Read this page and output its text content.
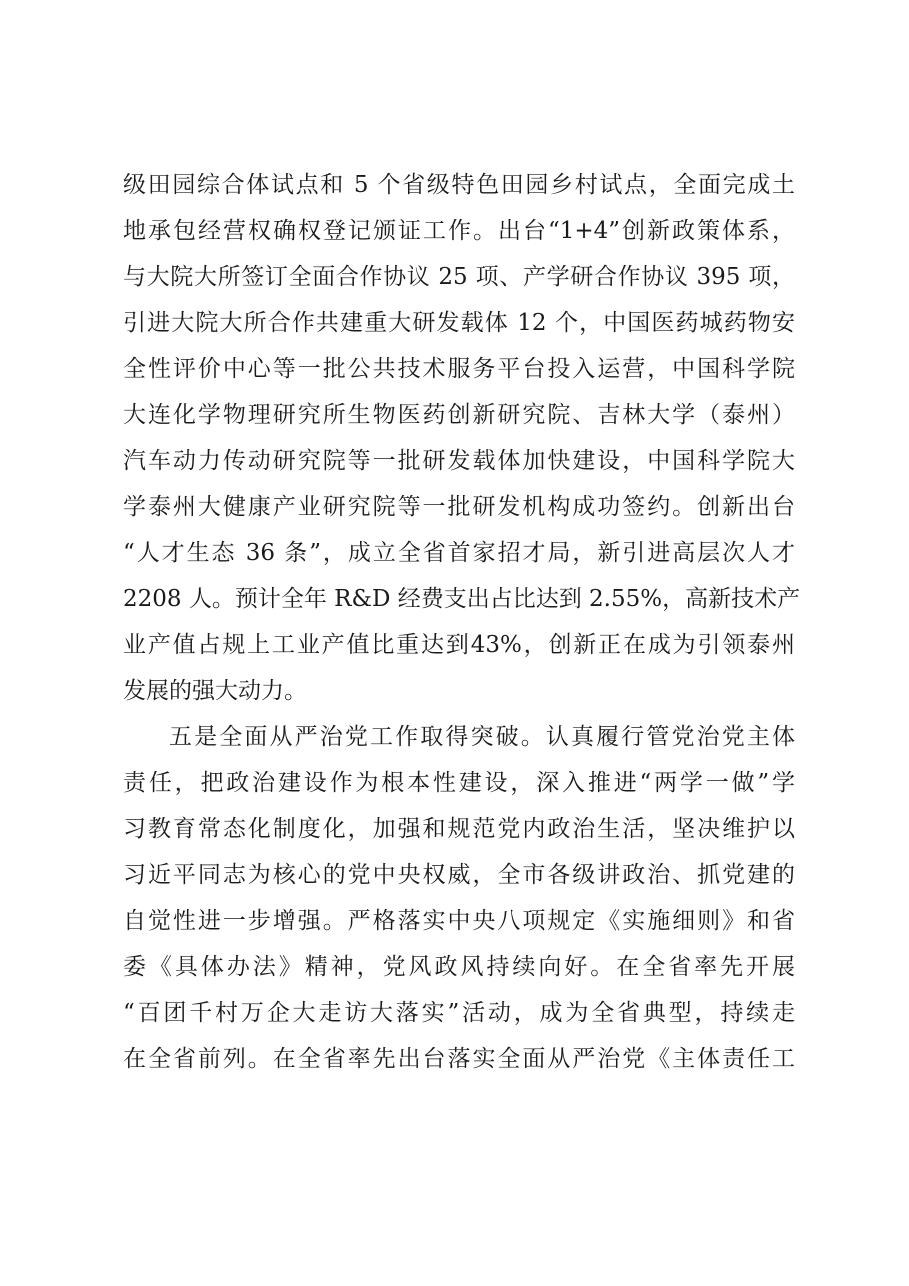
级田园综合体试点和 5 个省级特色田园乡村试点，全面完成土
地承包经营权确权登记颁证工作。出台“1+4”创新政策体系，
与大院大所签订全面合作协议 25 项、产学研合作协议 395 项，
引进大院大所合作共建重大研发载体 12 个，中国医药城药物安
全性评价中心等一批公共技术服务平台投入运营，中国科学院
大连化学物理研究所生物医药创新研究院、吉林大学（泰州）
汽车动力传动研究院等一批研发载体加快建设，中国科学院大
学泰州大健康产业研究院等一批研发机构成功签约。创新出台
“人才生态 36 条”，成立全省首家招才局，新引进高层次人才
2208 人。预计全年 R&D 经费支出占比达到 2.55%，高新技术产
业产值占规上工业产值比重达到43%，创新正在成为引领泰州
发展的强大动力。
五是全面从严治党工作取得突破。认真履行管党治党主体
责任，把政治建设作为根本性建设，深入推进“两学一做”学
习教育常态化制度化，加强和规范党内政治生活，坚决维护以
习近平同志为核心的党中央权威，全市各级讲政治、抓党建的
自觉性进一步增强。严格落实中央八项规定《实施细则》和省
委《具体办法》精神，党风政风持续向好。在全省率先开展
“百团千村万企大走访大落实”活动，成为全省典型，持续走
在全省前列。在全省率先出台落实全面从严治党《主体责任工
